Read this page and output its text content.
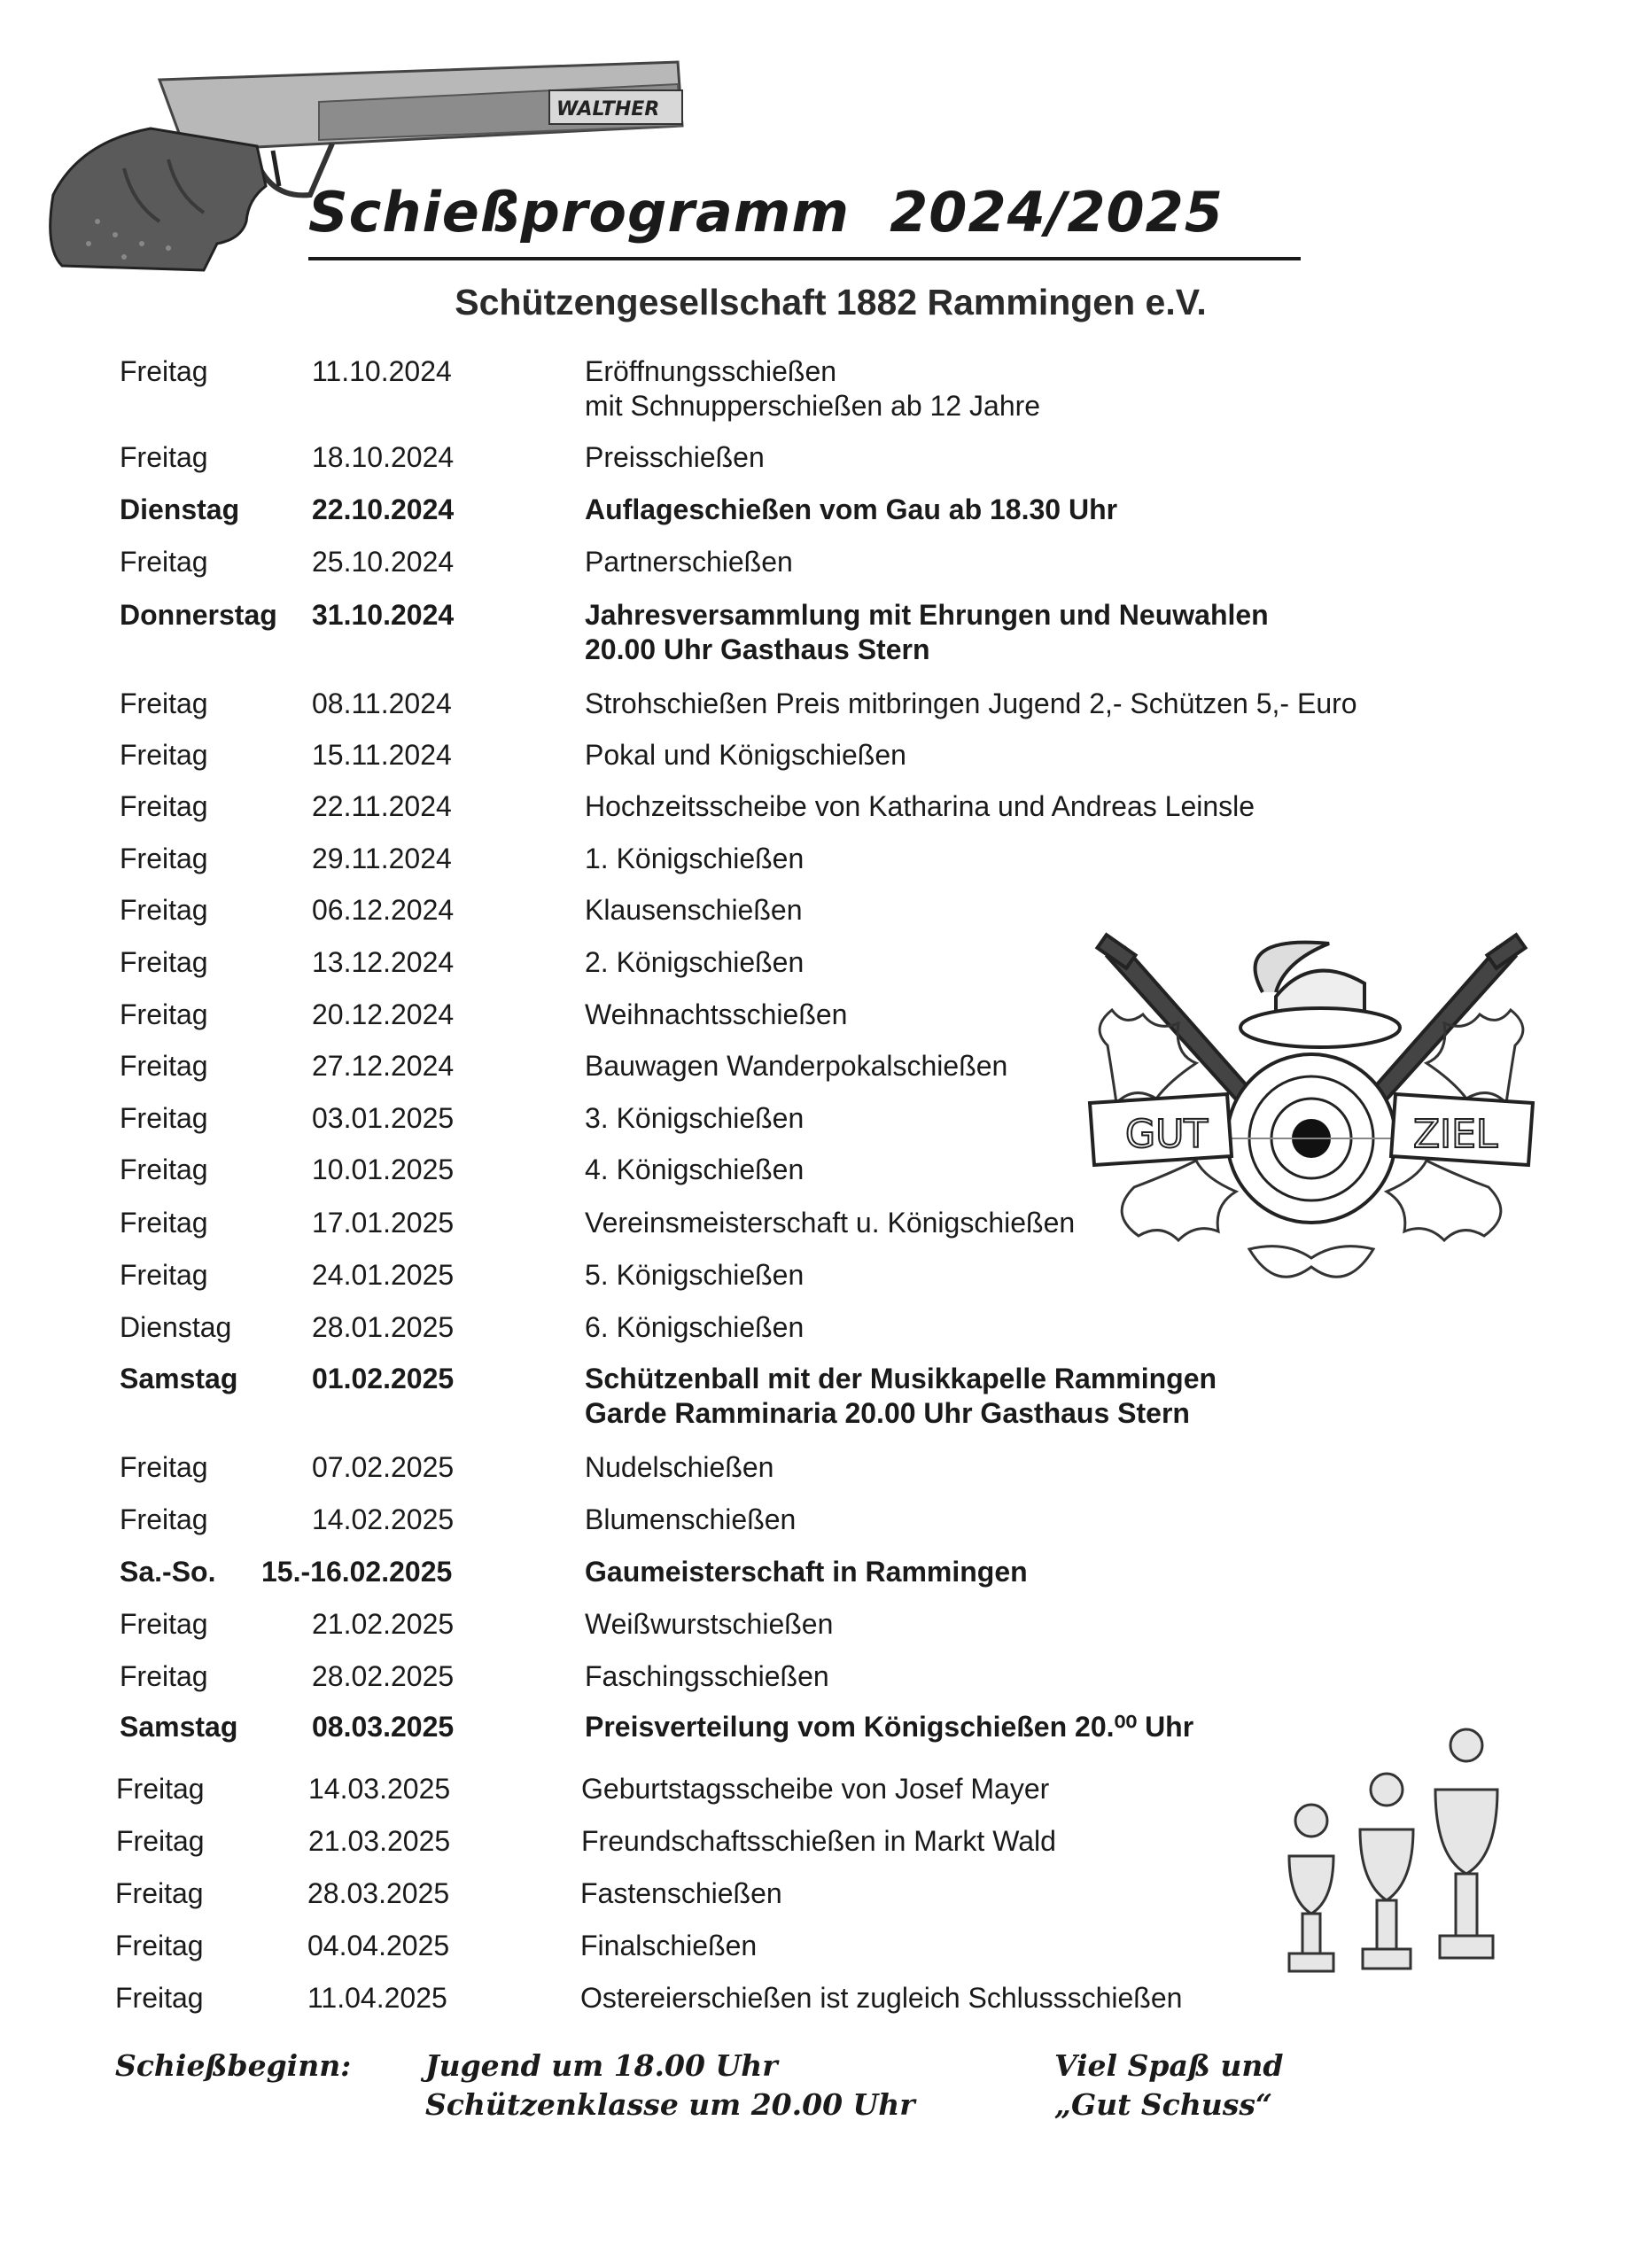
WALTHER
Schießprogramm  2024/2025
Schützengesellschaft 1882 Rammingen e.V.
Freitag	11.10.2024	Eröffnungsschießen
mit Schnupperschießen ab 12 Jahre
Freitag	18.10.2024	Preisschießen
Dienstag	22.10.2024	Auflageschießen vom Gau ab 18.30 Uhr
Freitag	25.10.2024	Partnerschießen
Donnerstag 31.10.2024	Jahresversammlung mit Ehrungen und Neuwahlen
20.00 Uhr Gasthaus Stern
Freitag	08.11.2024	Strohschießen Preis mitbringen Jugend 2,- Schützen 5,- Euro
Freitag	15.11.2024	Pokal und Königschießen
Freitag	22.11.2024	Hochzeitsscheibe von Katharina und Andreas Leinsle
Freitag	29.11.2024	1. Königschießen
Freitag	06.12.2024	Klausenschießen
Freitag	13.12.2024	2. Königschießen
Freitag	20.12.2024	Weihnachtsschießen
Freitag	27.12.2024	Bauwagen Wanderpokalschießen
Freitag	03.01.2025	3. Königschießen
Freitag	10.01.2025	4. Königschießen
Freitag	17.01.2025	Vereinsmeisterschaft u. Königschießen
Freitag	24.01.2025	5. Königschießen
Dienstag	28.01.2025	6. Königschießen
Samstag	01.02.2025	Schützenball mit der Musikkapelle Rammingen
Garde Ramminaria 20.00 Uhr Gasthaus Stern
Freitag	07.02.2025	Nudelschießen
Freitag	14.02.2025	Blumenschießen
Sa.-So. 15.-16.02.2025	Gaumeisterschaft in Rammingen
Freitag	21.02.2025	Weißwurstschießen
Freitag	28.02.2025	Faschingsschießen
Samstag	08.03.2025	Preisverteilung vom Königschießen 20.⁰⁰ Uhr
Freitag	14.03.2025	Geburtstagsscheibe von Josef Mayer
Freitag	21.03.2025	Freundschaftsschießen in Markt Wald
Freitag	28.03.2025	Fastenschießen
Freitag	04.04.2025	Finalschießen
Freitag	11.04.2025	Ostereierschießen ist zugleich Schlussschießen
GUT	ZIEL
Schießbeginn:	Jugend um 18.00 Uhr
Schützenklasse um 20.00 Uhr
Viel Spaß und
„Gut Schuss“
